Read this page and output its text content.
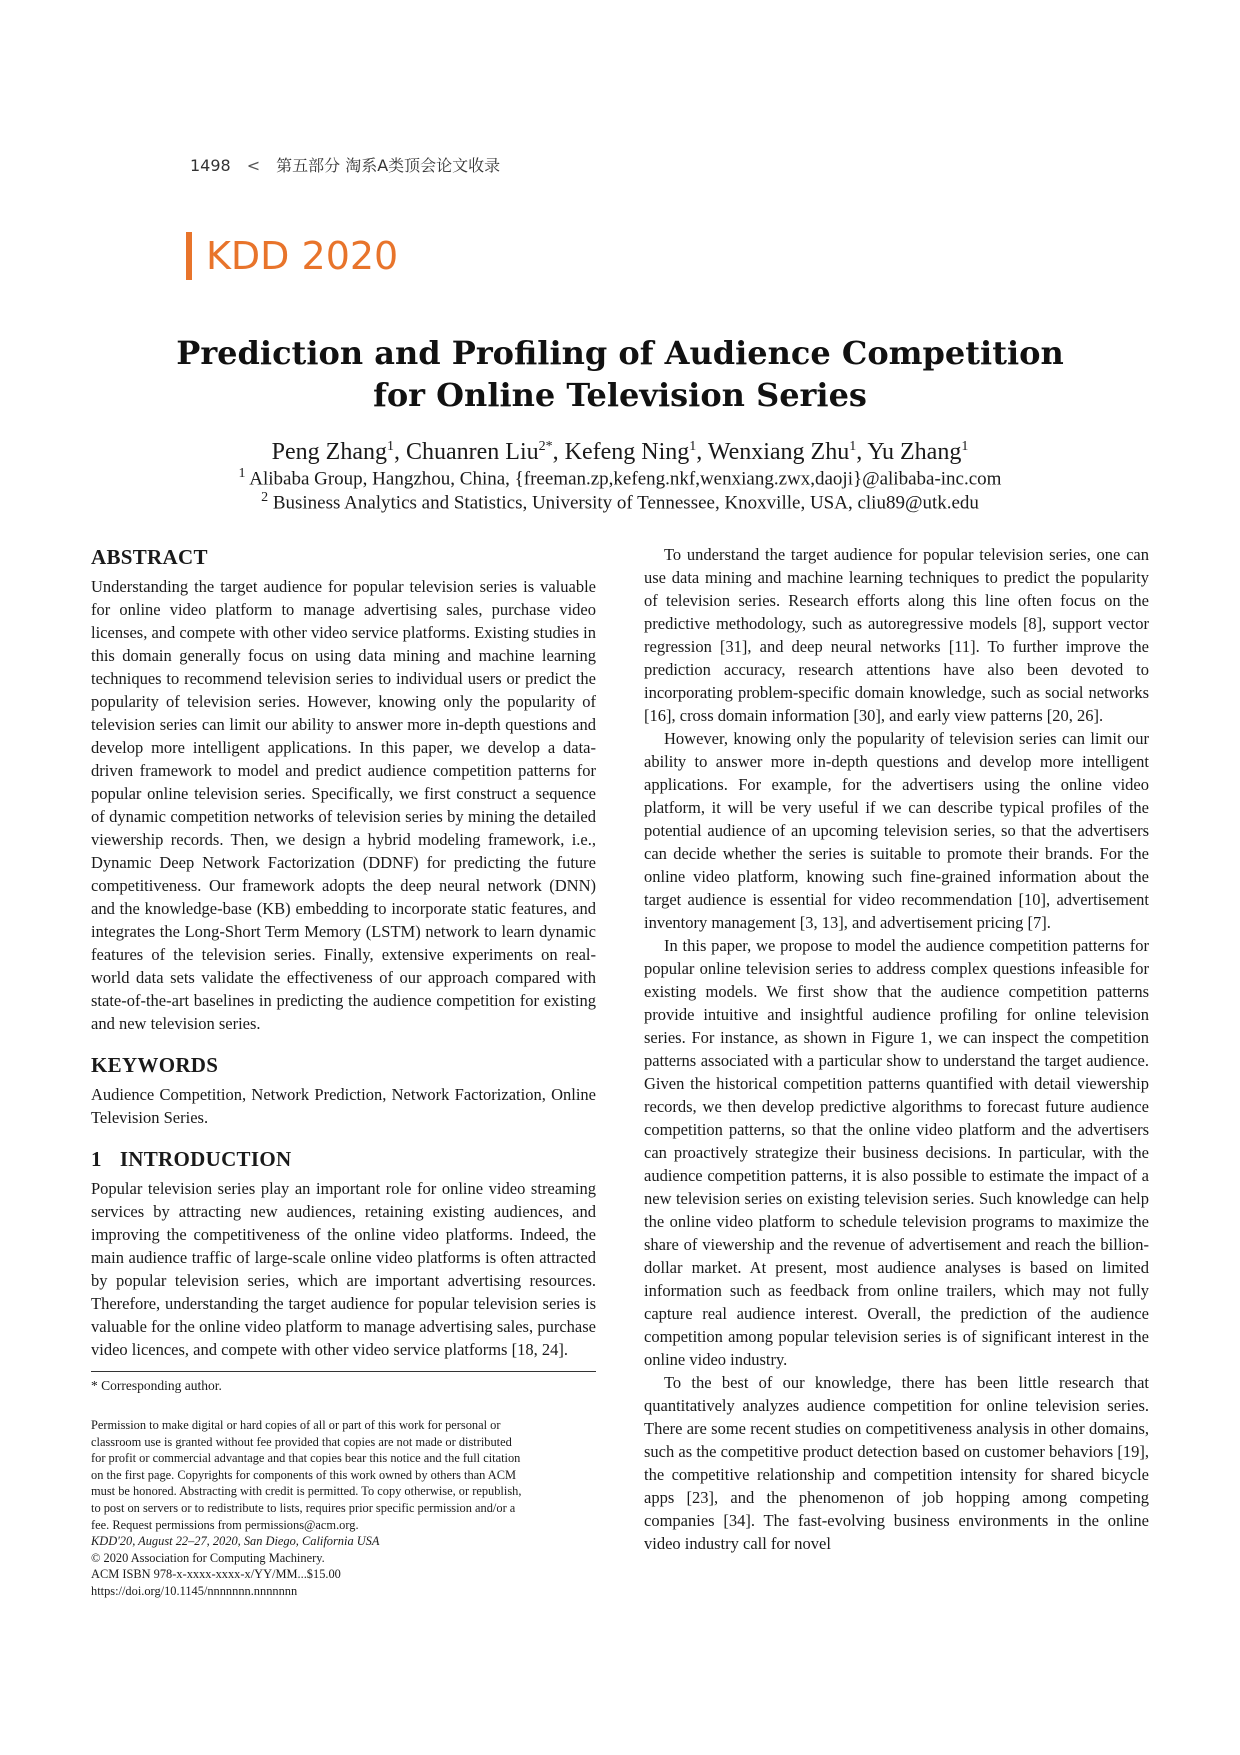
1498 < 第五部分 淘系A类顶会论文收录
KDD 2020
Prediction and Profiling of Audience Competition
for Online Television Series
Peng Zhang$^1$, Chuanren Liu$^{2*}$, Kefeng Ning$^1$, Wenxiang Zhu$^1$, Yu Zhang$^1$
$^1$ Alibaba Group, Hangzhou, China, {freeman.zp,kefeng.nkf,wenxiang.zwx,daoji}@alibaba-inc.com
$^2$ Business Analytics and Statistics, University of Tennessee, Knoxville, USA, cliu89@utk.edu
ABSTRACT

Understanding the target audience for popular television series is valuable for online video platform to manage advertising sales, purchase video licenses, and compete with other video service platforms. Existing studies in this domain generally focus on using data mining and machine learning techniques to recommend television series to individual users or predict the popularity of television series. However, knowing only the popularity of television series can limit our ability to answer more in-depth questions and develop more intelligent applications. In this paper, we develop a data-driven framework to model and predict audience competition patterns for popular online television series. Specifically, we first construct a sequence of dynamic competition networks of television series by mining the detailed viewership records. Then, we design a hybrid modeling framework, i.e., Dynamic Deep Network Factorization (DDNF) for predicting the future competitiveness. Our framework adopts the deep neural network (DNN) and the knowledge-base (KB) embedding to incorporate static features, and integrates the Long-Short Term Memory (LSTM) network to learn dynamic features of the television series. Finally, extensive experiments on real-world data sets validate the effectiveness of our approach compared with state-of-the-art baselines in predicting the audience competition for existing and new television series.

KEYWORDS

Audience Competition, Network Prediction, Network Factorization, Online Television Series.

1 INTRODUCTION

Popular television series play an important role for online video streaming services by attracting new audiences, retaining existing audiences, and improving the competitiveness of the online video platforms. Indeed, the main audience traffic of large-scale online video platforms is often attracted by popular television series, which are important advertising resources. Therefore, understanding the target audience for popular television series is valuable for the online video platform to manage advertising sales, purchase video licences, and compete with other video service platforms [18, 24].

* Corresponding author.
Permission to make digital or hard copies of all or part of this work for personal or
classroom use is granted without fee provided that copies are not made or distributed
for profit or commercial advantage and that copies bear this notice and the full citation
on the first page. Copyrights for components of this work owned by others than ACM
must be honored. Abstracting with credit is permitted. To copy otherwise, or republish,
to post on servers or to redistribute to lists, requires prior specific permission and/or a
fee. Request permissions from permissions@acm.org.
KDD'20, August 22–27, 2020, San Diego, California USA
© 2020 Association for Computing Machinery.
ACM ISBN 978-x-xxxx-xxxx-x/YY/MM...$15.00
https://doi.org/10.1145/nnnnnnn.nnnnnnn

To understand the target audience for popular television series, one can use data mining and machine learning techniques to predict the popularity of television series. Research efforts along this line often focus on the predictive methodology, such as autoregressive models [8], support vector regression [31], and deep neural networks [11]. To further improve the prediction accuracy, research attentions have also been devoted to incorporating problem-specific domain knowledge, such as social networks [16], cross domain information [30], and early view patterns [20, 26].

However, knowing only the popularity of television series can limit our ability to answer more in-depth questions and develop more intelligent applications. For example, for the advertisers using the online video platform, it will be very useful if we can describe typical profiles of the potential audience of an upcoming television series, so that the advertisers can decide whether the series is suitable to promote their brands. For the online video platform, knowing such fine-grained information about the target audience is essential for video recommendation [10], advertisement inventory management [3, 13], and advertisement pricing [7].

In this paper, we propose to model the audience competition patterns for popular online television series to address complex questions infeasible for existing models. We first show that the audience competition patterns provide intuitive and insightful audience profiling for online television series. For instance, as shown in Figure 1, we can inspect the competition patterns associated with a particular show to understand the target audience. Given the historical competition patterns quantified with detail viewership records, we then develop predictive algorithms to forecast future audience competition patterns, so that the online video platform and the advertisers can proactively strategize their business decisions. In particular, with the audience competition patterns, it is also possible to estimate the impact of a new television series on existing television series. Such knowledge can help the online video platform to schedule television programs to maximize the share of viewership and the revenue of advertisement and reach the billion-dollar market. At present, most audience analyses is based on limited information such as feedback from online trailers, which may not fully capture real audience interest. Overall, the prediction of the audience competition among popular television series is of significant interest in the online video industry.

To the best of our knowledge, there has been little research that quantitatively analyzes audience competition for online television series. There are some recent studies on competitiveness analysis in other domains, such as the competitive product detection based on customer behaviors [19], the competitive relationship and competition intensity for shared bicycle apps [23], and the phenomenon of job hopping among competing companies [34]. The fast-evolving business environments in the online video industry call for novel
